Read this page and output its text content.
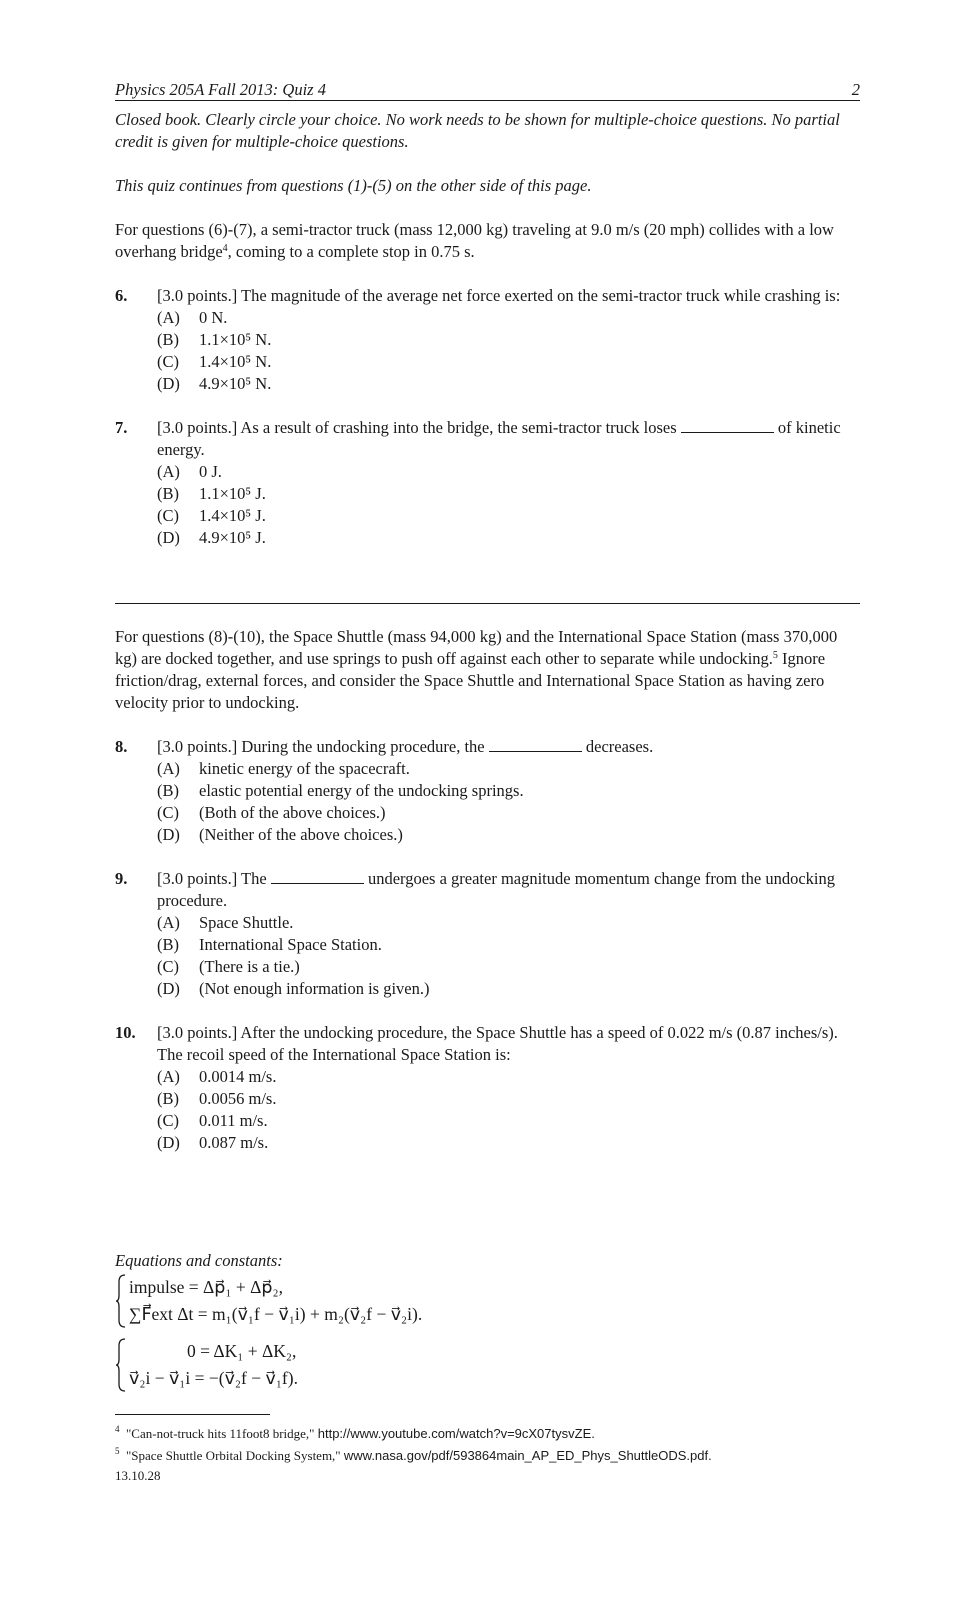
Physics 205A Fall 2013: Quiz 4	2

Closed book. Clearly circle your choice. No work needs to be shown for multiple-choice questions. No partial credit is given for multiple-choice questions.

This quiz continues from questions (1)-(5) on the other side of this page.

For questions (6)-(7), a semi-tractor truck (mass 12,000 kg) traveling at 9.0 m/s (20 mph) collides with a low overhang bridge$^4$, coming to a complete stop in 0.75 s.

6.	[3.0 points.] The magnitude of the average net force exerted on the semi-tractor truck while crashing is:
(A)	0 N.
(B)	1.1×10⁵ N.
(C)	1.4×10⁵ N.
(D)	4.9×10⁵ N.
7.	[3.0 points.] As a result of crashing into the bridge, the semi-tractor truck loses	of kinetic energy.
(A)	0 J.
(B)	1.1×10⁵ J.
(C)	1.4×10⁵ J.
(D)	4.9×10⁵ J.

For questions (8)-(10), the Space Shuttle (mass 94,000 kg) and the International Space Station (mass 370,000 kg) are docked together, and use springs to push off against each other to separate while undocking.$^5$ Ignore friction/drag, external forces, and consider the Space Shuttle and International Space Station as having zero velocity prior to undocking.

8.	[3.0 points.] During the undocking procedure, the	decreases.
(A)	kinetic energy of the spacecraft.
(B)	elastic potential energy of the undocking springs.
(C)	(Both of the above choices.)
(D)	(Neither of the above choices.)
9.	[3.0 points.] The	undergoes a greater magnitude momentum change from the undocking procedure.
(A)	Space Shuttle.
(B)	International Space Station.
(C)	(There is a tie.)
(D)	(Not enough information is given.)
10.	[3.0 points.] After the undocking procedure, the Space Shuttle has a speed of 0.022 m/s (0.87 inches/s). The recoil speed of the International Space Station is:
(A)	0.0014 m/s.
(B)	0.0056 m/s.
(C)	0.011 m/s.
(D)	0.087 m/s.

Equations and constants:

impulse = Δp⃗₁ + Δp⃗₂,
∑F⃗ext Δt = m₁(v⃗₁f − v⃗₁i) + m₂(v⃗₂f − v⃗₂i).
0 = ΔK₁ + ΔK₂,
v⃗₂i − v⃗₁i = −(v⃗₂f − v⃗₁f).
$^4$ "Can-not-truck hits 11foot8 bridge," http://www.youtube.com/watch?v=9cX07tysvZE.
$^5$ "Space Shuttle Orbital Docking System," www.nasa.gov/pdf/593864main_AP_ED_Phys_ShuttleODS.pdf.
13.10.28
